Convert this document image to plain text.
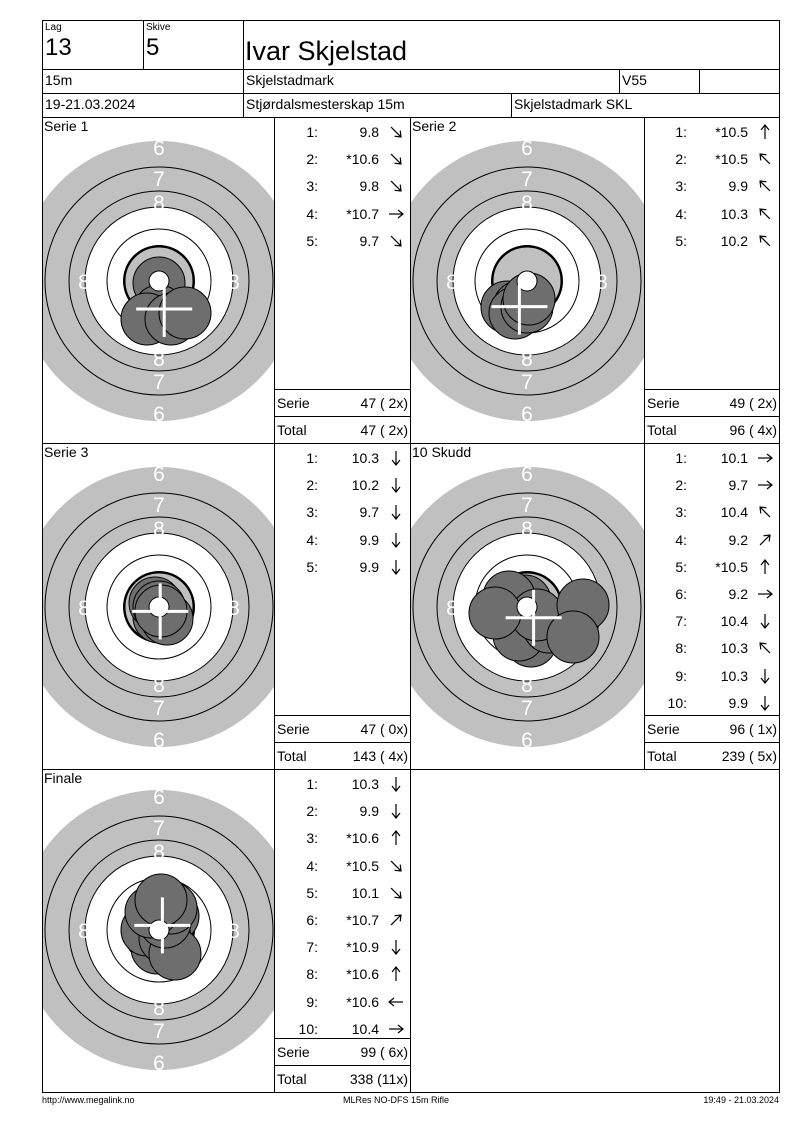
Lag
13
Skive
5	Ivar Skjelstad
15m	Skjelstadmark	V55
19-21.03.2024	Stjørdalsmesterskap 15m	Skjelstadmark SKL
Serie 1
6
7
8
8	8
8
7
6
1:	9.8
2:	*10.6
3:	9.8
4:	*10.7
5:	9.7
Serie	47 ( 2x)
Total	47 ( 2x)
Serie 2
6
7
8
8	8
8
7
6
1:	*10.5
2:	*10.5
3:	9.9
4:	10.3
5:	10.2
Serie	49 ( 2x)
Total	96 ( 4x)
Serie 3
6
7
8
8	8
8
7
6
1:	10.3
2:	10.2
3:	9.7
4:	9.9
5:	9.9
Serie	47 ( 0x)
Total	143 ( 4x)
10 Skudd
6
7
8
8
8
7
6
1:	10.1
2:	9.7
3:	10.4
4:	9.2
5:	*10.5
6:	9.2
7:	10.4
8:	10.3
9:	10.3
10:	9.9
Serie	96 ( 1x)
Total	239 ( 5x)
Finale
6
7
8
8	8
8
7
6
1:	10.3
2:	9.9
3:	*10.6
4:	*10.5
5:	10.1
6:	*10.7
7:	*10.9
8:	*10.6
9:	*10.6
10:	10.4
Serie	99 ( 6x)
Total	338 (11x)
http://www.megalink.no	MLRes NO-DFS 15m Rifle	19:49 - 21.03.2024
